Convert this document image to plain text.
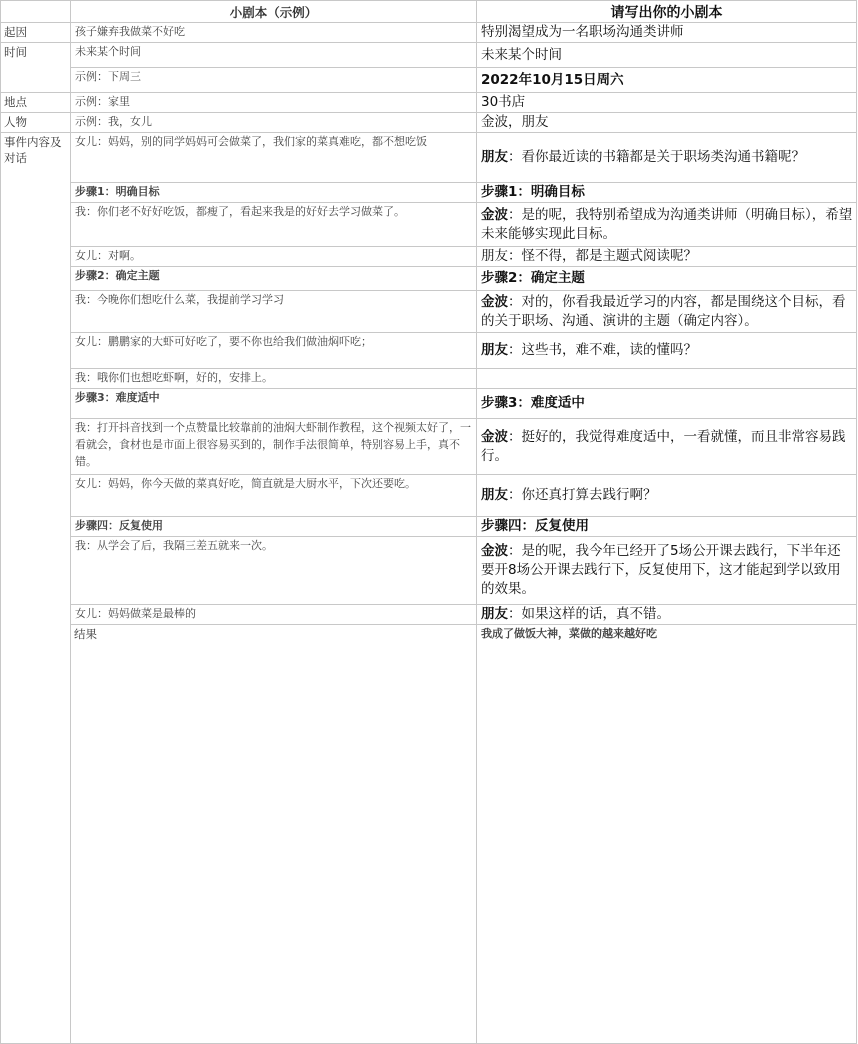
	小剧本（示例）	请写出你的小剧本	
起因	孩子嫌弃我做菜不好吃	特别渴望成为一名职场沟通类讲师	
时间	未来某个时间	未来某个时间	
	示例：下周三	2022年10月15日周六	
地点	示例：家里	30书店	
人物	示例：我，女儿	金波，朋友	
事件内容及对话	女儿：妈妈，别的同学妈妈可会做菜了，我们家的菜真难吃，都不想吃饭	朋友：看你最近读的书籍都是关于职场类沟通书籍呢？	
	步骤1：明确目标	步骤1：明确目标	
	我：你们老不好好吃饭，都瘦了，看起来我是的好好去学习做菜了。	金波：是的呢，我特别希望成为沟通类讲师（明确目标），希望未来能够实现此目标。	
	女儿：对啊。	朋友：怪不得，都是主题式阅读呢？	
	步骤2：确定主题	步骤2：确定主题	
	我：今晚你们想吃什么菜，我提前学习学习	金波：对的，你看我最近学习的内容，都是围绕这个目标，看的关于职场、沟通、演讲的主题（确定内容）。	
	女儿：鹏鹏家的大虾可好吃了，要不你也给我们做油焖吓吃；	朋友：这些书，难不难，读的懂吗？	
	我：哦你们也想吃虾啊，好的，安排上。		
	步骤3：难度适中	步骤3：难度适中	
	我：打开抖音找到一个点赞量比较靠前的油焖大虾制作教程，这个视频太好了，一看就会，食材也是市面上很容易买到的，制作手法很简单，特别容易上手，真不错。	金波：挺好的，我觉得难度适中，一看就懂，而且非常容易践行。	
	女儿：妈妈，你今天做的菜真好吃，简直就是大厨水平，下次还要吃。	朋友：你还真打算去践行啊？	
	步骤四：反复使用	步骤四：反复使用	
	我：从学会了后，我隔三差五就来一次。	金波：是的呢，我今年已经开了5场公开课去践行，下半年还要开8场公开课去践行下，反复使用下，这才能起到学以致用的效果。	
	女儿：妈妈做菜是最棒的	朋友：如果这样的话，真不错。	
	结果	我成了做饭大神，菜做的越来越好吃	
